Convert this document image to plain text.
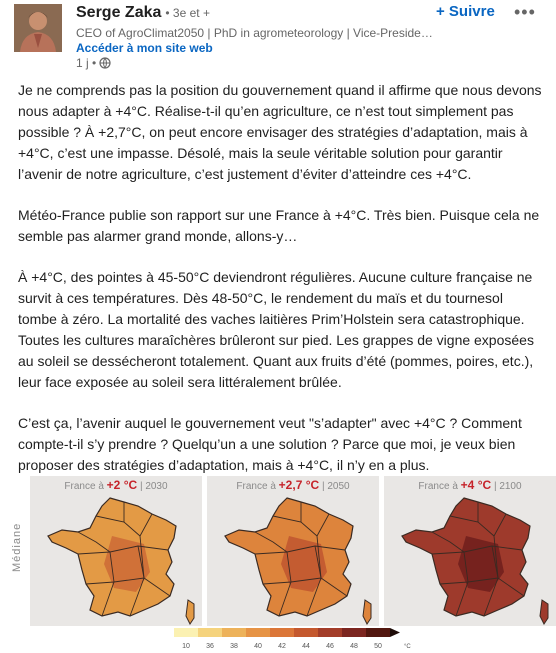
Serge Zaka • 3e et +
CEO of AgroClimat2050 | PhD in agrometeorology | Vice-Preside…
Accéder à mon site web
1 j •
+ Suivre •••

Je ne comprends pas la position du gouvernement quand il affirme que nous devons nous adapter à +4°C. Réalise-t-il qu’en agriculture, ce n’est tout simplement pas possible ? À +2,7°C, on peut encore envisager des stratégies d’adaptation, mais à +4°C, c’est une impasse. Désolé, mais la seule véritable solution pour garantir l’avenir de notre agriculture, c’est justement d’éviter d’atteindre ces +4°C.

Météo-France publie son rapport sur une France à +4°C. Très bien. Puisque cela ne semble pas alarmer grand monde, allons-y…

À +4°C, des pointes à 45-50°C deviendront régulières. Aucune culture française ne survit à ces températures. Dès 48-50°C, le rendement du maïs et du tournesol tombe à zéro. La mortalité des vaches laitières Prim’Holstein sera catastrophique. Toutes les cultures maraîchères brûleront sur pied. Les grappes de vigne exposées au soleil se dessécheront totalement. Quant aux fruits d’été (pommes, poires, etc.), leur face exposée au soleil sera littéralement brûlée.

C’est ça, l’avenir auquel le gouvernement veut "s’adapter" avec +4°C ? Comment compte-t-il s’y prendre ? Quelqu’un a une solution ? Parce que moi, je veux bien proposer des stratégies d’adaptation, mais à +4°C, il n’y en a plus.

Médiane
France à +2 °C | 2030	France à +2,7 °C | 2050	France à +4 °C | 2100
10 36 38 40 42 44 46 48 50	°C
